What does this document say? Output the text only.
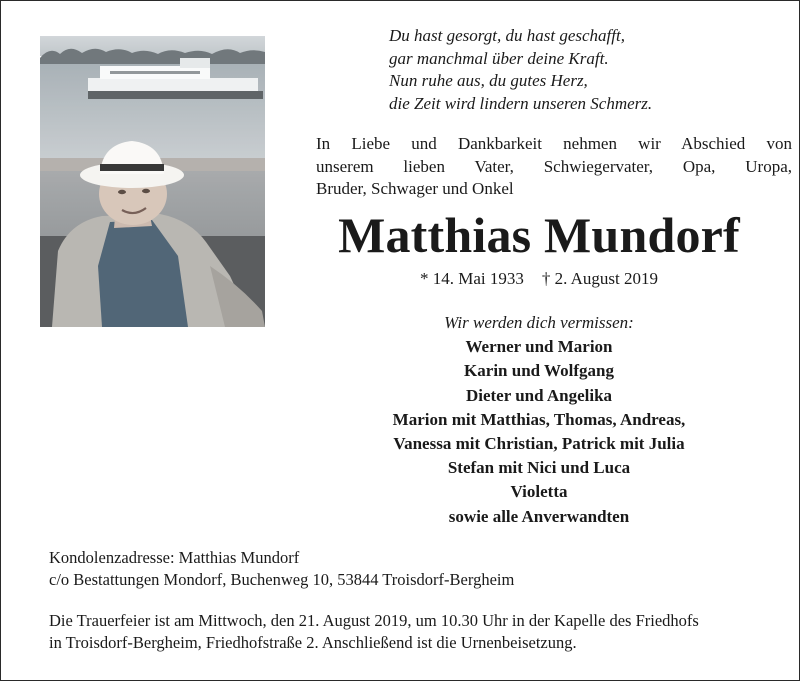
Du hast gesorgt, du hast geschafft,
gar manchmal über deine Kraft.
Nun ruhe aus, du gutes Herz,
die Zeit wird lindern unseren Schmerz.
In Liebe und Dankbarkeit nehmen wir Abschied von
unserem lieben Vater, Schwiegervater, Opa, Uropa,
Bruder, Schwager und Onkel
Matthias Mundorf
* 14. Mai 1933 † 2. August 2019
Wir werden dich vermissen:
Werner und Marion
Karin und Wolfgang
Dieter und Angelika
Marion mit Matthias, Thomas, Andreas,
Vanessa mit Christian, Patrick mit Julia
Stefan mit Nici und Luca
Violetta
sowie alle Anverwandten
Kondolenzadresse: Matthias Mundorf
c/o Bestattungen Mondorf, Buchenweg 10, 53844 Troisdorf-Bergheim
Die Trauerfeier ist am Mittwoch, den 21. August 2019, um 10.30 Uhr in der Kapelle des Friedhofs
in Troisdorf-Bergheim, Friedhofstraße 2. Anschließend ist die Urnenbeisetzung.
